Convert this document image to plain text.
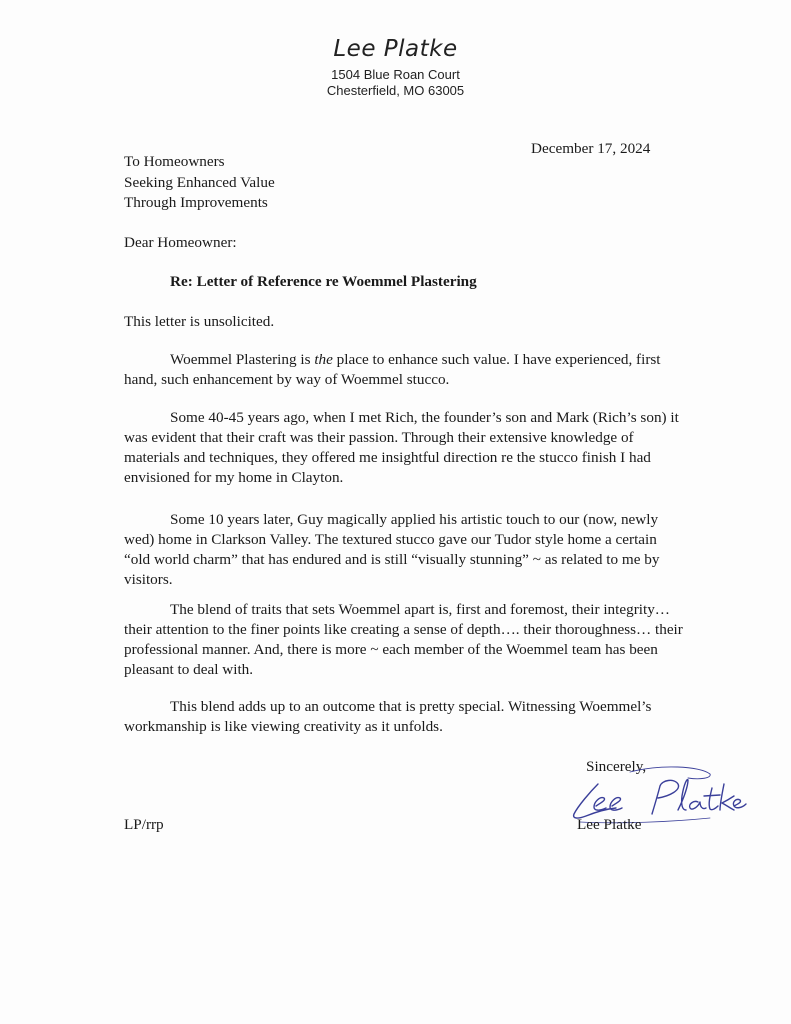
Lee Platke
1504 Blue Roan Court
Chesterfield, MO 63005
December 17, 2024
To Homeowners
Seeking Enhanced Value
Through Improvements
Dear Homeowner:
Re: Letter of Reference re Woemmel Plastering

This letter is unsolicited.

Woemmel Plastering is the place to enhance such value. I have experienced, first hand, such enhancement by way of Woemmel stucco.

Some 40-45 years ago, when I met Rich, the founder’s son and Mark (Rich’s son) it was evident that their craft was their passion. Through their extensive knowledge of materials and techniques, they offered me insightful direction re the stucco finish I had envisioned for my home in Clayton.

Some 10 years later, Guy magically applied his artistic touch to our (now, newly wed) home in Clarkson Valley. The textured stucco gave our Tudor style home a certain “old world charm” that has endured and is still “visually stunning” ~ as related to me by visitors.

The blend of traits that sets Woemmel apart is, first and foremost, their integrity… their attention to the finer points like creating a sense of depth…. their thoroughness… their professional manner. And, there is more ~ each member of the Woemmel team has been pleasant to deal with.

This blend adds up to an outcome that is pretty special. Witnessing Woemmel’s workmanship is like viewing creativity as it unfolds.

Sincerely,
Lee Platke
LP/rrp
